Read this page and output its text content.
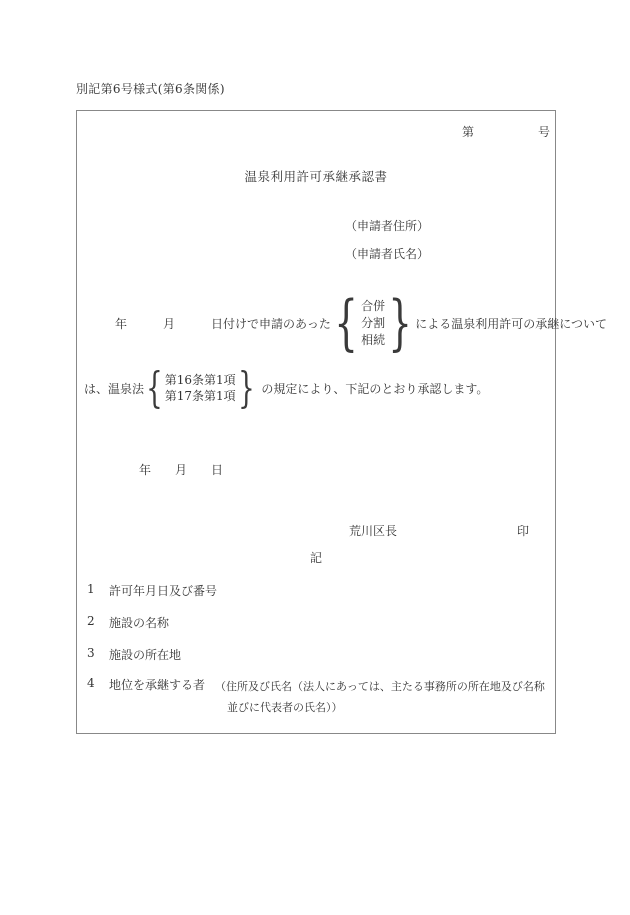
別記第6号様式(第6条関係)
第	号
温泉利用許可承継承認書
（申請者住所）
（申請者氏名）
年　　　月　　　日付けで申請のあった { 合併
分割
相続 } による温泉利用許可の承継について
は、温泉法 { 第16条第1項
第17条第1項 } の規定により、下記のとおり承認します。
年　　月　　日
荒川区長	印
記
1	許可年月日及び番号
2	施設の名称
3	施設の所在地
4	地位を承継する者 （住所及び氏名（法人にあっては、主たる事務所の所在地及び名称
並びに代表者の氏名））
